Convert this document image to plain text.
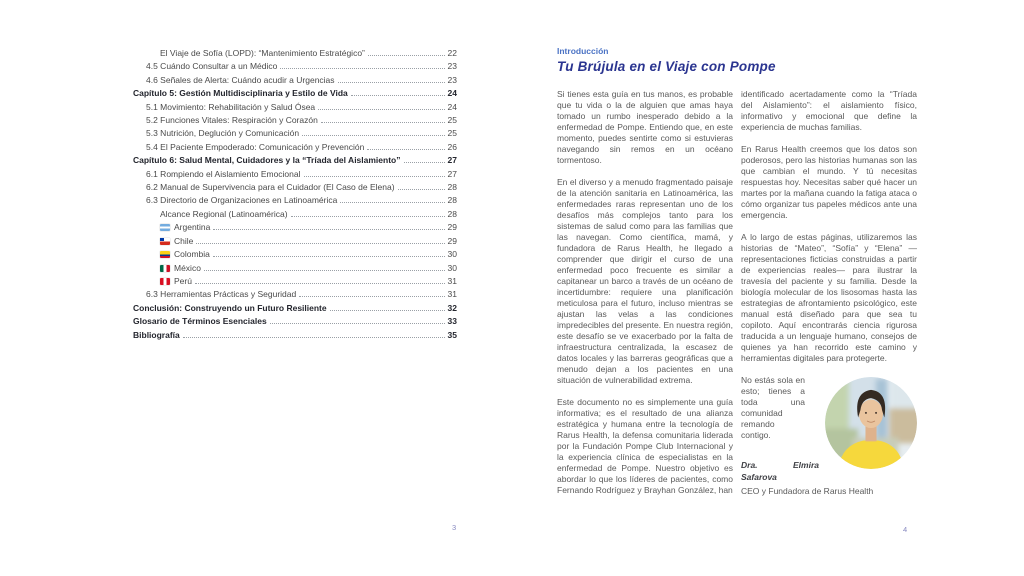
El Viaje de Sofía (LOPD): “Mantenimiento Estratégico”	22
4.5 Cuándo Consultar a un Médico	23
4.6 Señales de Alerta: Cuándo acudir a Urgencias	23
Capítulo 5: Gestión Multidisciplinaria y Estilo de Vida	24
5.1 Movimiento: Rehabilitación y Salud Ósea	24
5.2 Funciones Vitales: Respiración y Corazón	25
5.3 Nutrición, Deglución y Comunicación	25
5.4 El Paciente Empoderado: Comunicación y Prevención	26
Capítulo 6: Salud Mental, Cuidadores y la “Tríada del Aislamiento”	27
6.1 Rompiendo el Aislamiento Emocional	27
6.2 Manual de Supervivencia para el Cuidador (El Caso de Elena)	28
6.3 Directorio de Organizaciones en Latinoamérica	28
Alcance Regional (Latinoamérica)	28
Argentina	29
Chile	29
Colombia	30
México	30
Perú	31
6.3 Herramientas Prácticas y Seguridad	31
Conclusión: Construyendo un Futuro Resiliente	32
Glosario de Términos Esenciales	33
Bibliografía	35
3
Introducción
Tu Brújula en el Viaje con Pompe

Si tienes esta guía en tus manos, es probable que tu vida o la de alguien que amas haya tomado un rumbo inesperado debido a la enfermedad de Pompe. Entiendo que, en este momento, puedes sentirte como si estuvieras navegando sin remos en un océano tormentoso.

En el diverso y a menudo fragmentado paisaje de la atención sanitaria en Latinoamérica, las enfermedades raras representan uno de los desafíos más complejos tanto para los sistemas de salud como para las familias que las navegan. Como científica, mamá, y fundadora de Rarus Health, he llegado a comprender que dirigir el curso de una enfermedad poco frecuente es similar a capitanear un barco a través de un océano de incertidumbre: requiere una planificación meticulosa para el futuro, incluso mientras se ajustan las velas a las condiciones impredecibles del presente. En nuestra región, este desafío se ve exacerbado por la falta de infraestructura centralizada, la escasez de datos locales y las barreras geográficas que a menudo dejan a los pacientes en una situación de vulnerabilidad extrema.

Este documento no es simplemente una guía informativa; es el resultado de una alianza estratégica y humana entre la tecnología de Rarus Health, la defensa comunitaria liderada por la Fundación Pompe Club Internacional y la experiencia clínica de especialistas en la enfermedad de Pompe. Nuestro objetivo es abordar lo que los líderes de pacientes, como Fernando Rodríguez y Brayhan González, han

identificado acertadamente como la “Tríada del Aislamiento”: el aislamiento físico, informativo y emocional que define la experiencia de muchas familias.

En Rarus Health creemos que los datos son poderosos, pero las historias humanas son las que cambian el mundo. Y tú necesitas respuestas hoy. Necesitas saber qué hacer un martes por la mañana cuando la fatiga ataca o cómo organizar tus papeles médicos ante una emergencia.

A lo largo de estas páginas, utilizaremos las historias de “Mateo”, “Sofía” y “Elena” —representaciones ficticias construidas a partir de experiencias reales— para ilustrar la travesía del paciente y su familia. Desde la biología molecular de los lisosomas hasta las estrategias de afrontamiento psicológico, este manual está diseñado para que sea tu copiloto. Aquí encontrarás ciencia rigurosa traducida a un lenguaje humano, consejos de quienes ya han recorrido este camino y herramientas digitales para protegerte.

No estás sola en esto; tienes a toda una comunidad remando contigo.
Dra. Elmira Safarova
CEO y Fundadora de Rarus Health
4
